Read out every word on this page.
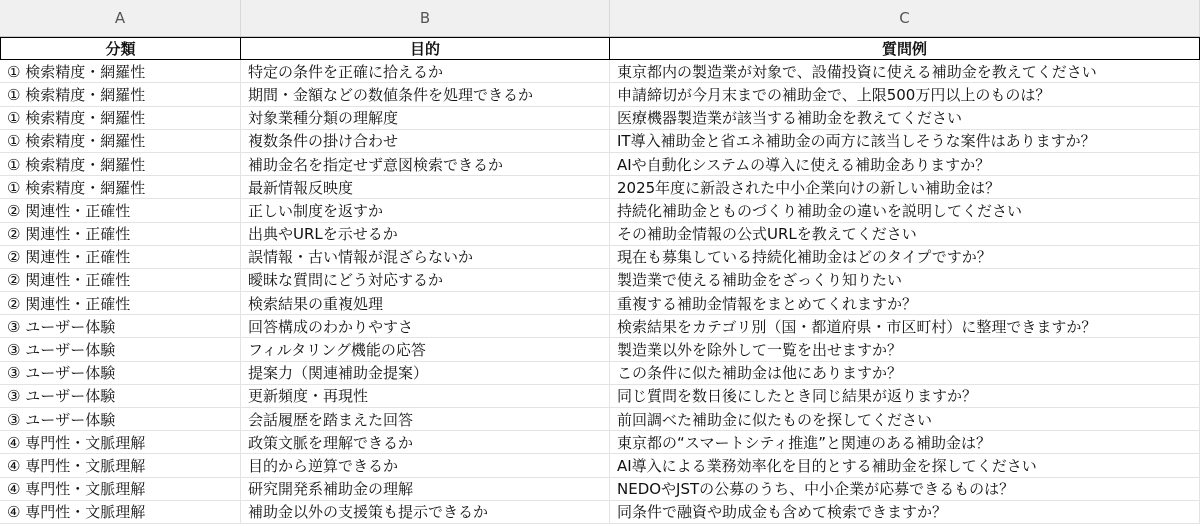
A	B	C
分類	目的	質問例
① 検索精度・網羅性	特定の条件を正確に拾えるか	東京都内の製造業が対象で、設備投資に使える補助金を教えてください
① 検索精度・網羅性	期間・金額などの数値条件を処理できるか	申請締切が今月末までの補助金で、上限500万円以上のものは？
① 検索精度・網羅性	対象業種分類の理解度	医療機器製造業が該当する補助金を教えてください
① 検索精度・網羅性	複数条件の掛け合わせ	IT導入補助金と省エネ補助金の両方に該当しそうな案件はありますか？
① 検索精度・網羅性	補助金名を指定せず意図検索できるか	AIや自動化システムの導入に使える補助金ありますか？
① 検索精度・網羅性	最新情報反映度	2025年度に新設された中小企業向けの新しい補助金は？
② 関連性・正確性	正しい制度を返すか	持続化補助金とものづくり補助金の違いを説明してください
② 関連性・正確性	出典やURLを示せるか	その補助金情報の公式URLを教えてください
② 関連性・正確性	誤情報・古い情報が混ざらないか	現在も募集している持続化補助金はどのタイプですか？
② 関連性・正確性	曖昧な質問にどう対応するか	製造業で使える補助金をざっくり知りたい
② 関連性・正確性	検索結果の重複処理	重複する補助金情報をまとめてくれますか？
③ ユーザー体験	回答構成のわかりやすさ	検索結果をカテゴリ別（国・都道府県・市区町村）に整理できますか？
③ ユーザー体験	フィルタリング機能の応答	製造業以外を除外して一覧を出せますか？
③ ユーザー体験	提案力（関連補助金提案）	この条件に似た補助金は他にありますか？
③ ユーザー体験	更新頻度・再現性	同じ質問を数日後にしたとき同じ結果が返りますか？
③ ユーザー体験	会話履歴を踏まえた回答	前回調べた補助金に似たものを探してください
④ 専門性・文脈理解	政策文脈を理解できるか	東京都の“スマートシティ推進”と関連のある補助金は？
④ 専門性・文脈理解	目的から逆算できるか	AI導入による業務効率化を目的とする補助金を探してください
④ 専門性・文脈理解	研究開発系補助金の理解	NEDOやJSTの公募のうち、中小企業が応募できるものは？
④ 専門性・文脈理解	補助金以外の支援策も提示できるか	同条件で融資や助成金も含めて検索できますか？
